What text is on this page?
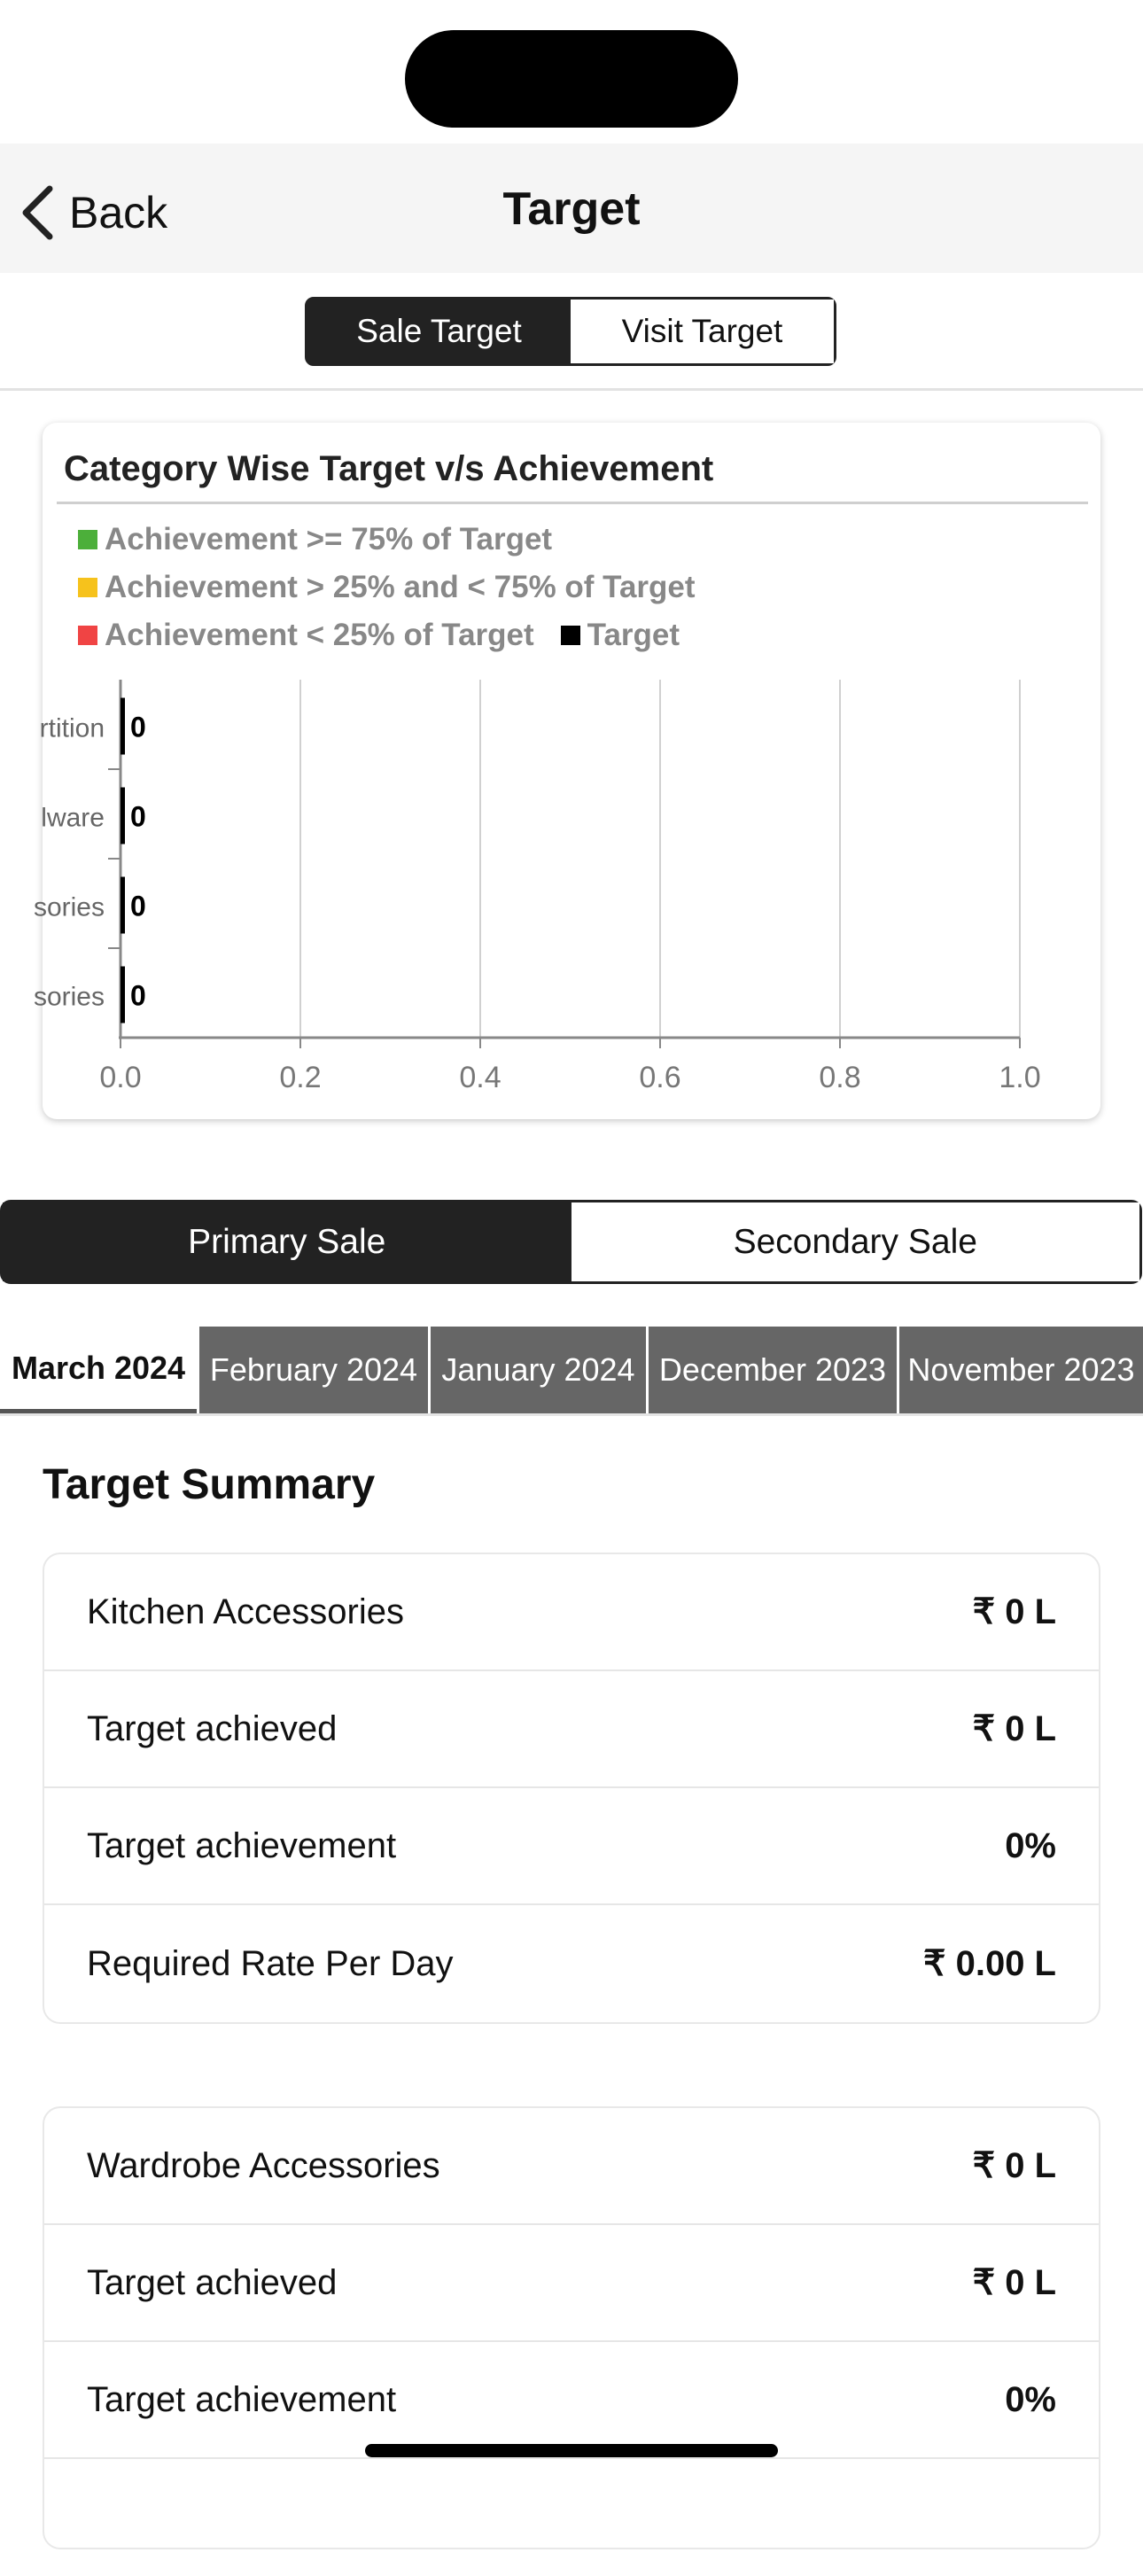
Back	Target
Sale Target	Visit Target
Category Wise Target v/s Achievement
Achievement >= 75% of Target
Achievement > 25% and < 75% of Target
Achievement < 25% of Target Target
0.0	0.2	0.4	0.6	0.8	1.0
rtition 0
lware 0
sories 0
sories 0
Primary Sale	Secondary Sale
March 2024 February 2024 January 2024 December 2023 November 2023
Target Summary
Kitchen Accessories	₹ 0 L
Target achieved	₹ 0 L
Target achievement	0%
Required Rate Per Day	₹ 0.00 L
Wardrobe Accessories	₹ 0 L
Target achieved	₹ 0 L
Target achievement	0%
